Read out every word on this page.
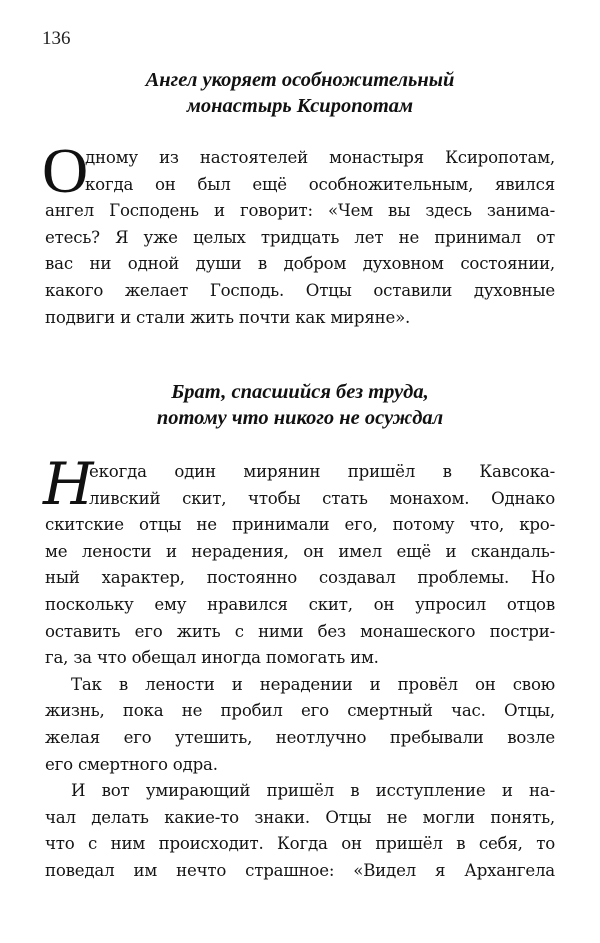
136
Ангел укоряет особножительный
монастырь Ксиропотам
О
дному из настоятелей монастыря Ксиропотам,
когда он был ещё особножительным, явился
ангел Господень и говорит: «Чем вы здесь занима-
етесь? Я уже целых тридцать лет не принимал от
вас ни одной души в добром духовном состоянии,
какого желает Господь. Отцы оставили духовные
подвиги и стали жить почти как миряне».
Брат, спасшийся без труда,
потому что никого не осуждал
Н
екогда один мирянин пришёл в Кавсока-
ливский скит, чтобы стать монахом. Однако
скитские отцы не принимали его, потому что, кро-
ме лености и нерадения, он имел ещё и скандаль-
ный характер, постоянно создавал проблемы. Но
поскольку ему нравился скит, он упросил отцов
оставить его жить с ними без монашеского постри-
га, за что обещал иногда помогать им.
Так в лености и нерадении и провёл он свою
жизнь, пока не пробил его смертный час. Отцы,
желая его утешить, неотлучно пребывали возле
его смертного одра.
И вот умирающий пришёл в исступление и на-
чал делать какие-то знаки. Отцы не могли понять,
что с ним происходит. Когда он пришёл в себя, то
поведал им нечто страшное: «Видел я Архангела
